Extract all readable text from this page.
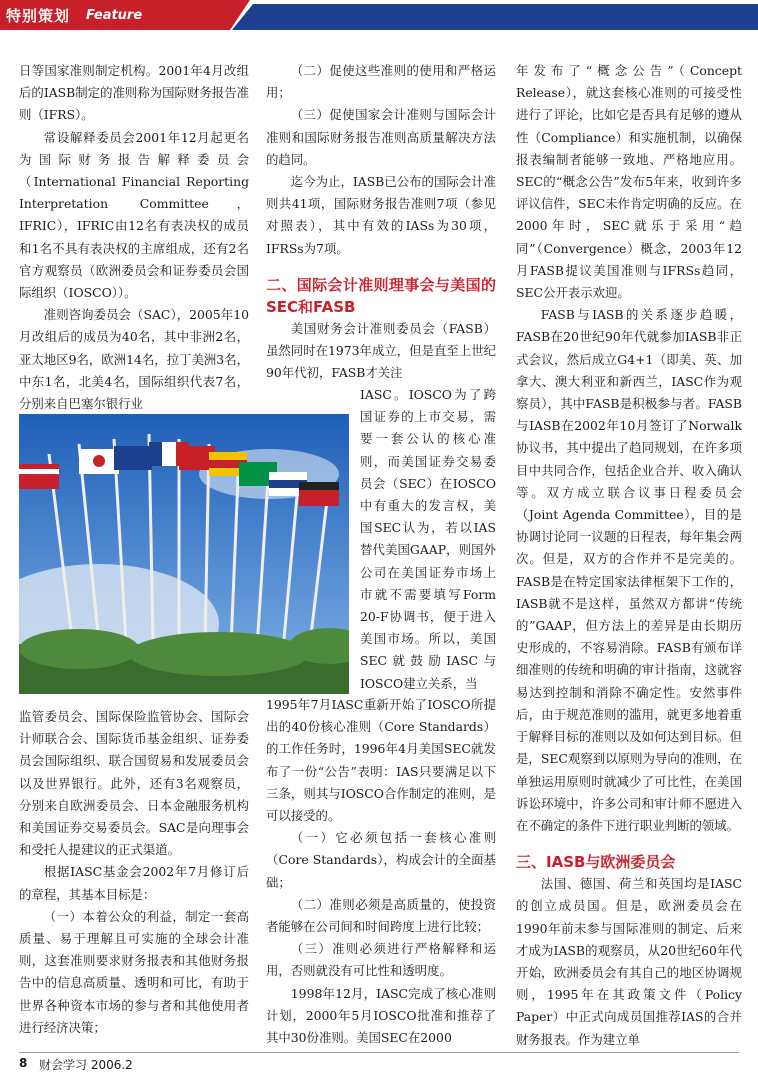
特别策划 Feature

日等国家准则制定机构。2001年4月改组后的IASB制定的准则称为国际财务报告准则（IFRS）。

常设解释委员会2001年12月起更名为国际财务报告解释委员会（International Financial Reporting Interpretation Committee，IFRIC），IFRIC由12名有表决权的成员和1名不具有表决权的主席组成，还有2名官方观察员（欧洲委员会和证券委员会国际组织（IOSCO））。

准则咨询委员会（SAC），2005年10月改组后的成员为40名，其中非洲2名，亚太地区9名，欧洲14名，拉丁美洲3名，中东1名，北美4名，国际组织代表7名，分别来自巴塞尔银行业

监管委员会、国际保险监管协会、国际会计师联合会、国际货币基金组织、证券委员会国际组织、联合国贸易和发展委员会以及世界银行。此外，还有3名观察员，分别来自欧洲委员会、日本金融服务机构和美国证券交易委员会。SAC是向理事会和受托人提建议的正式渠道。

根据IASC基金会2002年7月修订后的章程，其基本目标是：

（一）本着公众的利益，制定一套高质量、易于理解且可实施的全球会计准则，这套准则要求财务报表和其他财务报告中的信息高质量、透明和可比，有助于世界各种资本市场的参与者和其他使用者进行经济决策；

（二）促使这些准则的使用和严格运用；

（三）促使国家会计准则与国际会计准则和国际财务报告准则高质量解决方法的趋同。

迄今为止，IASB已公布的国际会计准则共41项，国际财务报告准则7项（参见对照表），其中有效的IASs为30项，IFRSs为7项。

二、国际会计准则理事会与美国的SEC和FASB

美国财务会计准则委员会（FASB）虽然同时在1973年成立，但是直至上世纪90年代初，FASB才关注

IASC。IOSCO为了跨国证券的上市交易，需要一套公认的核心准则，而美国证券交易委员会（SEC）在IOSCO中有重大的发言权，美国SEC认为，若以IAS替代美国GAAP，则国外公司在美国证券市场上市就不需要填写Form 20-F协调书，便于进入美国市场。所以，美国SEC就鼓励IASC与IOSCO建立关系，当

1995年7月IASC重新开始了IOSCO所提出的40份核心准则（Core Standards）的工作任务时，1996年4月美国SEC就发布了一份“公告”表明：IAS只要满足以下三条，则其与IOSCO合作制定的准则，是可以接受的。

（一）它必须包括一套核心准则（Core Standards），构成会计的全面基础；

（二）准则必须是高质量的，使投资者能够在公司间和时间跨度上进行比较；

（三）准则必须进行严格解释和运用，否则就没有可比性和透明度。

1998年12月，IASC完成了核心准则计划，2000年5月IOSCO批准和推荐了其中30份准则。美国SEC在2000

年发布了“概念公告”（Concept Release），就这套核心准则的可接受性进行了评论，比如它是否具有足够的遵从性（Compliance）和实施机制，以确保报表编制者能够一致地、严格地应用。SEC的“概念公告”发布5年来，收到许多评议信件，SEC未作肯定明确的反应。在2000年时，SEC就乐于采用“趋同”（Convergence）概念，2003年12月FASB提议美国准则与IFRSs趋同，SEC公开表示欢迎。

FASB与IASB的关系逐步趋暖，FASB在20世纪90年代就参加IASB非正式会议，然后成立G4+1（即美、英、加拿大、澳大利亚和新西兰，IASC作为观察员），其中FASB是积极参与者。FASB与IASB在2002年10月签订了Norwalk协议书，其中提出了趋同规划，在许多项目中共同合作，包括企业合并、收入确认等。双方成立联合议事日程委员会（Joint Agenda Committee），目的是协调讨论同一议题的日程表，每年集会两次。但是，双方的合作并不是完美的。FASB是在特定国家法律框架下工作的，IASB就不是这样，虽然双方都讲“传统的”GAAP，但方法上的差异是由长期历史形成的，不容易消除。FASB有颁布详细准则的传统和明确的审计指南，这就容易达到控制和消除不确定性。安然事件后，由于规范准则的滥用，就更多地着重于解释目标的准则以及如何达到目标。但是，SEC观察到以原则为导向的准则，在单独运用原则时就减少了可比性，在美国诉讼环境中，许多公司和审计师不愿进入在不确定的条件下进行职业判断的领域。

三、IASB与欧洲委员会

法国、德国、荷兰和英国均是IASC的创立成员国。但是，欧洲委员会在1990年前未参与国际准则的制定、后来才成为IASB的观察员，从20世纪60年代开始，欧洲委员会有其自己的地区协调规则，1995年在其政策文件（Policy Paper）中正式向成员国推荐IAS的合并财务报表。作为建立单

8 财会学习 2006.2
